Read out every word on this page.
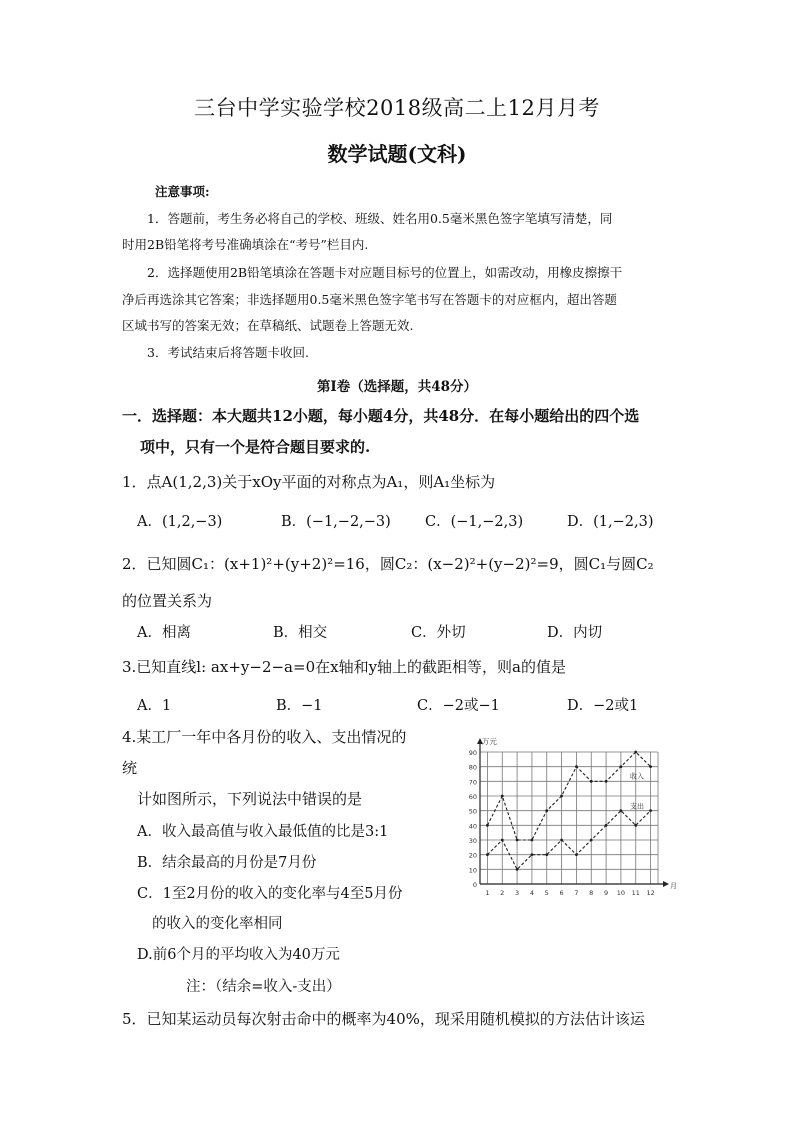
三台中学实验学校2018级高二上12月月考
数学试题(文科)
注意事项:
1．答题前，考生务必将自己的学校、班级、姓名用0.5毫米黑色签字笔填写清楚，同
时用2B铅笔将考号准确填涂在“考号”栏目内.
2．选择题使用2B铅笔填涂在答题卡对应题目标号的位置上，如需改动，用橡皮擦擦干
净后再选涂其它答案；非选择题用0.5毫米黑色签字笔书写在答题卡的对应框内，超出答题
区域书写的答案无效；在草稿纸、试题卷上答题无效.
3．考试结束后将答题卡收回.
第Ⅰ卷（选择题，共48分）
一．选择题：本大题共12小题，每小题4分，共48分．在每小题给出的四个选
项中，只有一个是符合题目要求的.
1．点A(1,2,3)关于xOy平面的对称点为A₁，则A₁坐标为
A．(1,2,−3)	B．(−1,−2,−3) C．(−1,−2,3)	D．(1,−2,3)
2．已知圆C₁：(x+1)²+(y+2)²=16，圆C₂：(x−2)²+(y−2)²=9，圆C₁与圆C₂
的位置关系为
A．相离	B．相交	C．外切	D．内切
3.已知直线l: ax+y−2−a=0在x轴和y轴上的截距相等，则a的值是
A．1	B．−1	C．−2或−1	D．−2或1
4.某工厂一年中各月份的收入、支出情况的
统
计如图所示，下列说法中错误的是
A．收入最高值与收入最低值的比是3:1
B．结余最高的月份是7月份
C．1至2月份的收入的变化率与4至5月份
的收入的变化率相同
D.前6个月的平均收入为40万元
注：（结余=收入-支出）
5．已知某运动员每次射击命中的概率为40%，现采用随机模拟的方法估计该运
0
10
20
30
40
50
60
70
80
90
1 2 3 4 5 6 7 8 9 10 11 12
万元
月
收入
支出
